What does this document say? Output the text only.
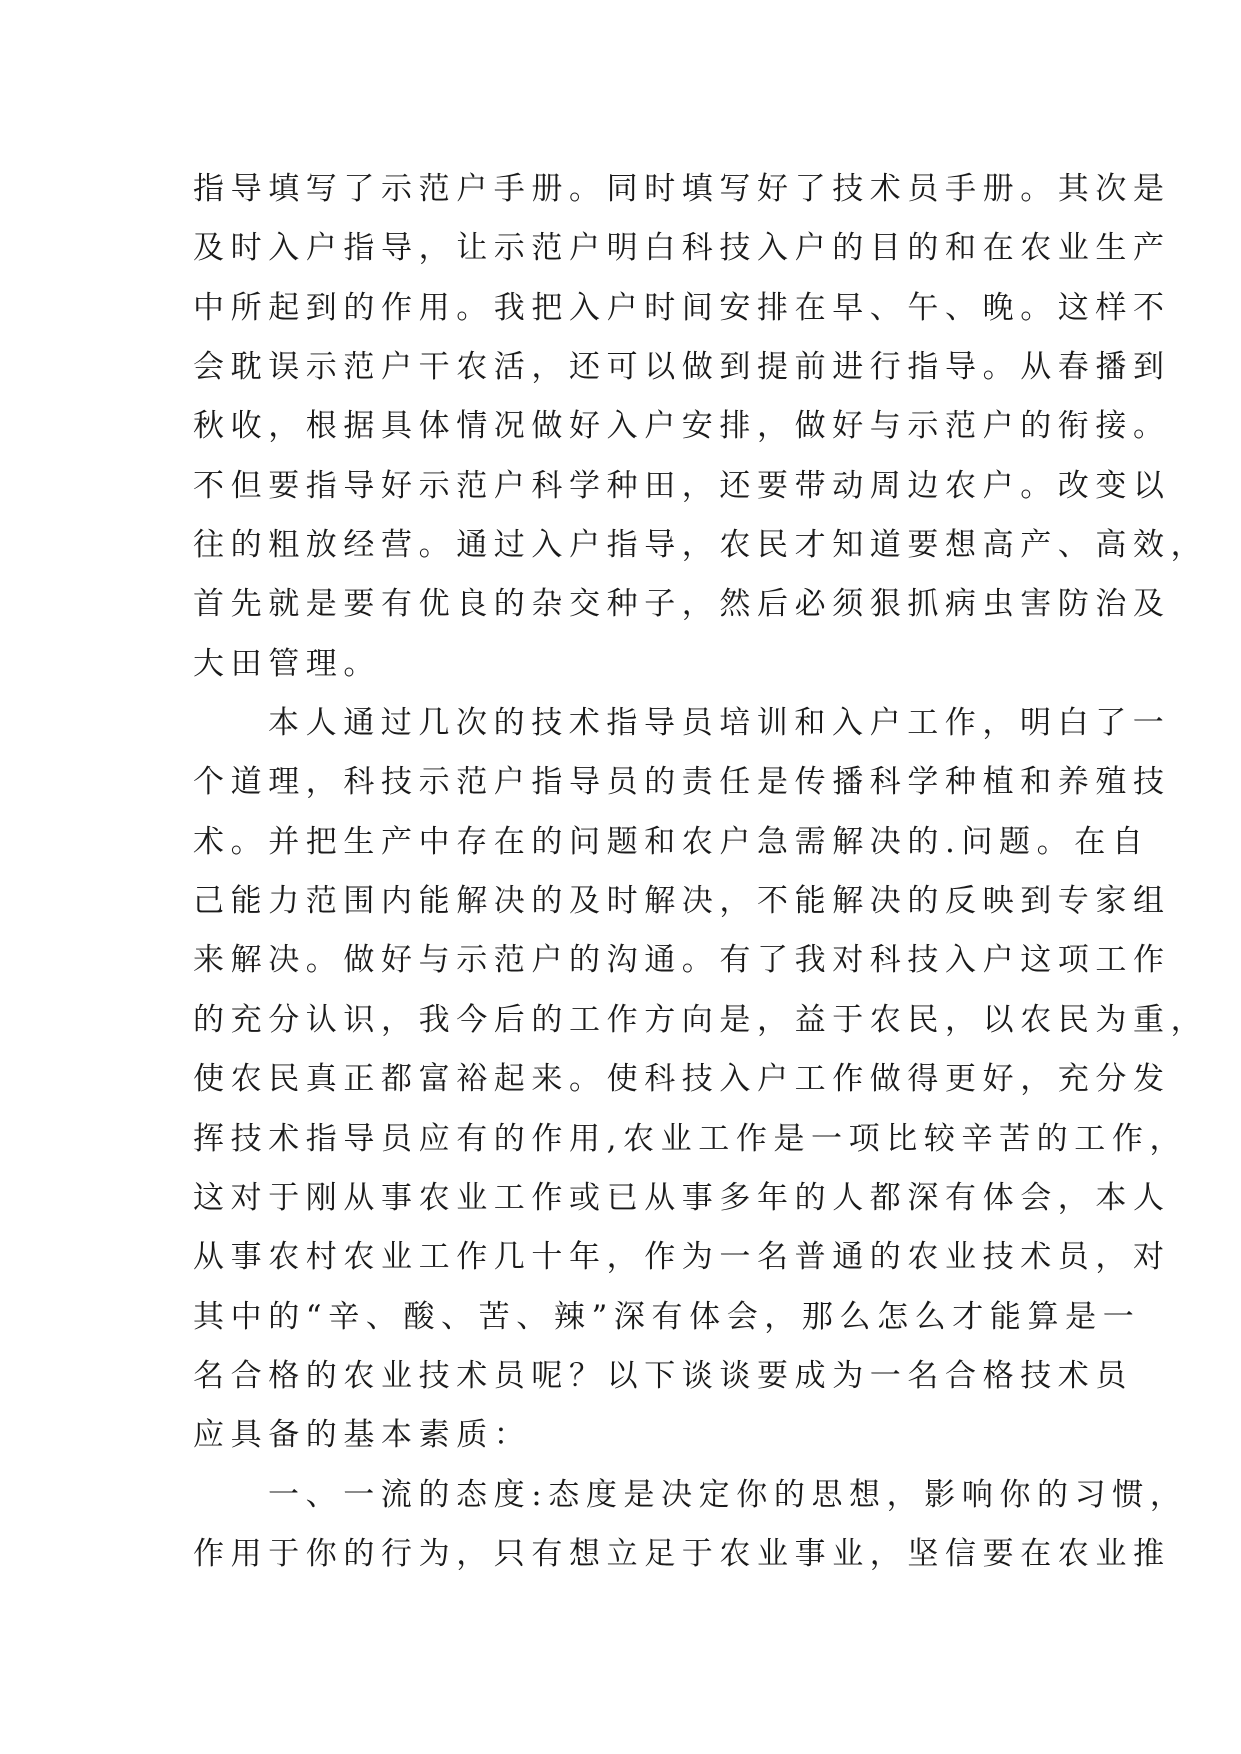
指导填写了示范户手册。同时填写好了技术员手册。其次是
及时入户指导，让示范户明白科技入户的目的和在农业生产
中所起到的作用。我把入户时间安排在早、午、晚。这样不
会耽误示范户干农活，还可以做到提前进行指导。从春播到
秋收，根据具体情况做好入户安排，做好与示范户的衔接。
不但要指导好示范户科学种田，还要带动周边农户。改变以
往的粗放经营。通过入户指导，农民才知道要想高产、高效，
首先就是要有优良的杂交种子，然后必须狠抓病虫害防治及
大田管理。
本人通过几次的技术指导员培训和入户工作，明白了一
个道理，科技示范户指导员的责任是传播科学种植和养殖技
术。并把生产中存在的问题和农户急需解决的.问题。在自
己能力范围内能解决的及时解决，不能解决的反映到专家组
来解决。做好与示范户的沟通。有了我对科技入户这项工作
的充分认识，我今后的工作方向是，益于农民，以农民为重，
使农民真正都富裕起来。使科技入户工作做得更好，充分发
挥技术指导员应有的作用,农业工作是一项比较辛苦的工作，
这对于刚从事农业工作或已从事多年的人都深有体会，本人
从事农村农业工作几十年，作为一名普通的农业技术员，对
其中的“辛、酸、苦、辣”深有体会，那么怎么才能算是一
名合格的农业技术员呢？以下谈谈要成为一名合格技术员
应具备的基本素质：
一、一流的态度:态度是决定你的思想，影响你的习惯，
作用于你的行为，只有想立足于农业事业，坚信要在农业推
